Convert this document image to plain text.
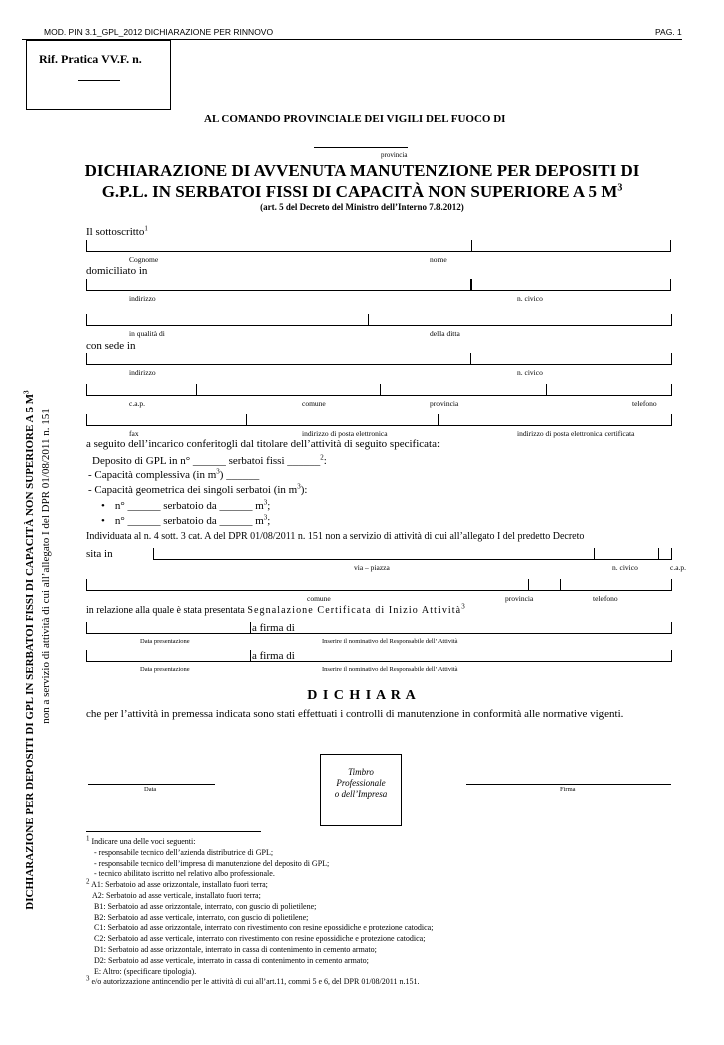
MOD. PIN 3.1_GPL_2012 DICHIARAZIONE PER RINNOVO	PAG. 1
Rif. Pratica VV.F. n.
AL COMANDO PROVINCIALE DEI VIGILI DEL FUOCO DI
provincia
DICHIARAZIONE DI AVVENUTA MANUTENZIONE PER DEPOSITI DI
G.P.L. IN SERBATOI FISSI DI CAPACITÀ NON SUPERIORE A 5 $M^3$
(art. 5 del Decreto del Ministro dell’Interno 7.8.2012)
Il sottoscritto$^1$
Cognome	nome
domiciliato in
indirizzo	n. civico
in qualità di	della ditta
con sede in
indirizzo	n. civico
c.a.p.	comune	provincia	telefono
fax	indirizzo di posta elettronica	indirizzo di posta elettronica certificata
a seguito dell’incarico conferitogli dal titolare dell’attività di seguito specificata:
Deposito di GPL in n° ______ serbatoi fissi ______$^2$:
- Capacità complessiva (in $m^3$) ______
- Capacità geometrica dei singoli serbatoi (in $m^3$):
• n° ______ serbatoio da ______ $m^3$;
• n° ______ serbatoio da ______ $m^3$;
Individuata al n. 4 sott. 3 cat. A del DPR 01/08/2011 n. 151 non a servizio di attività di cui all’allegato I del predetto Decreto
sita in
via – piazza	n. civico	c.a.p.
comune	provincia	telefono
in relazione alla quale è stata presentata Segnalazione Certificata di Inizio Attività$^3$
a firma di
Data presentazione	Inserire il nominativo del Responsabile dell’Attività
a firma di
Data presentazione	Inserire il nominativo del Responsabile dell’Attività
D I C H I A R A
che per l’attività in premessa indicata sono stati effettuati i controlli di manutenzione in conformità alle normative vigenti.
Timbro
Professionale
o dell’Impresa
Data	Firma
$^1$ Indicare una delle voci seguenti:
- responsabile tecnico dell’azienda distributrice di GPL;
- responsabile tecnico dell’impresa di manutenzione del deposito di GPL;
- tecnico abilitato iscritto nel relativo albo professionale.
$^2$ A1: Serbatoio ad asse orizzontale, installato fuori terra;
A2: Serbatoio ad asse verticale, installato fuori terra;
B1: Serbatoio ad asse orizzontale, interrato, con guscio di polietilene;
B2: Serbatoio ad asse verticale, interrato, con guscio di polietilene;
C1: Serbatoio ad asse orizzontale, interrato con rivestimento con resine epossidiche e protezione catodica;
C2: Serbatoio ad asse verticale, interrato con rivestimento con resine epossidiche e protezione catodica;
D1: Serbatoio ad asse orizzontale, interrato in cassa di contenimento in cemento armato;
D2: Serbatoio ad asse verticale, interrato in cassa di contenimento in cemento armato;
E: Altro: (specificare tipologia).
$^3$ e/o autorizzazione antincendio per le attività di cui all’art.11, commi 5 e 6, del DPR 01/08/2011 n.151.
DICHIARAZIONE PER DEPOSITI DI GPL IN SERBATOI FISSI DI CAPACITÀ NON SUPERIORE A 5 $M^3$
non a servizio di attività di cui all’allegato I del DPR 01/08/2011 n. 151
